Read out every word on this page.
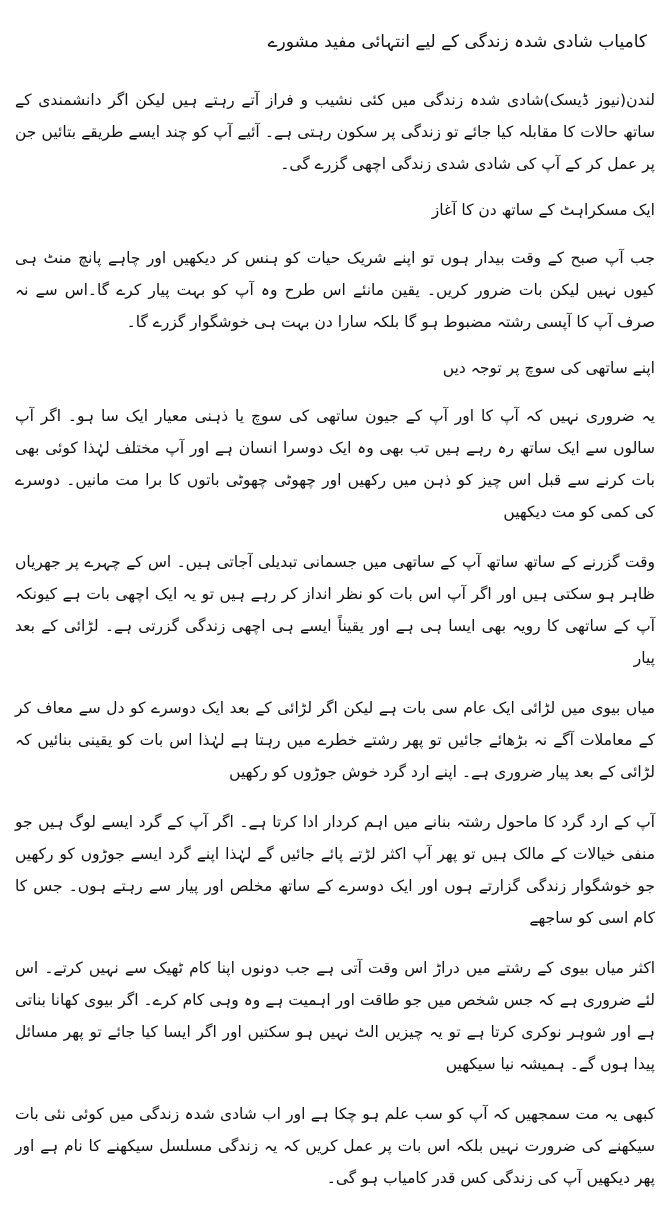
کامیاب شادی شدہ زندگی کے لیے انتہائی مفید مشورے

لندن(نیوز ڈیسک)شادی شدہ زندگی میں کئی نشیب و فراز آتے رہتے ہیں لیکن اگر دانشمندی کے ساتھ حالات کا مقابلہ کیا جائے تو زندگی پر سکون رہتی ہے۔ آئیے آپ کو چند ایسے طریقے بتائیں جن پر عمل کر کے آپ کی شادی شدی زندگی اچھی گزرے گی۔

ایک مسکراہٹ کے ساتھ دن کا آغاز

جب آپ صبح کے وقت بیدار ہوں تو اپنے شریک حیات کو ہنس کر دیکھیں اور چاہے پانچ منٹ ہی کیوں نہیں لیکن بات ضرور کریں۔ یقین مانئے اس طرح وہ آپ کو بہت پیار کرے گا۔اس سے نہ صرف آپ کا آپسی رشتہ مضبوط ہو گا بلکہ سارا دن بہت ہی خوشگوار گزرے گا۔

اپنے ساتھی کی سوچ پر توجہ دیں

یہ ضروری نہیں کہ آپ کا اور آپ کے جیون ساتھی کی سوچ یا ذہنی معیار ایک سا ہو۔ اگر آپ سالوں سے ایک ساتھ رہ رہے ہیں تب بھی وہ ایک دوسرا انسان ہے اور آپ مختلف لہٰذا کوئی بھی بات کرنے سے قبل اس چیز کو ذہن میں رکھیں اور چھوٹی چھوٹی باتوں کا برا مت مانیں۔ دوسرے کی کمی کو مت دیکھیں

وقت گزرنے کے ساتھ ساتھ آپ کے ساتھی میں جسمانی تبدیلی آجاتی ہیں۔ اس کے چہرے پر جھریاں ظاہر ہو سکتی ہیں اور اگر آپ اس بات کو نظر انداز کر رہے ہیں تو یہ ایک اچھی بات ہے کیونکہ آپ کے ساتھی کا رویہ بھی ایسا ہی ہے اور یقیناً ایسے ہی اچھی زندگی گزرتی ہے۔ لڑائی کے بعد پیار

میاں بیوی میں لڑائی ایک عام سی بات ہے لیکن اگر لڑائی کے بعد ایک دوسرے کو دل سے معاف کر کے معاملات آگے نہ بڑھائے جائیں تو پھر رشتے خطرے میں رہتا ہے لہٰذا اس بات کو یقینی بنائیں کہ لڑائی کے بعد پیار ضروری ہے۔ اپنے ارد گرد خوش جوڑوں کو رکھیں

آپ کے ارد گرد کا ماحول رشتہ بنانے میں اہم کردار ادا کرتا ہے۔ اگر آپ کے گرد ایسے لوگ ہیں جو منفی خیالات کے مالک ہیں تو پھر آپ اکثر لڑتے پائے جائیں گے لہٰذا اپنے گرد ایسے جوڑوں کو رکھیں جو خوشگوار زندگی گزارتے ہوں اور ایک دوسرے کے ساتھ مخلص اور پیار سے رہتے ہوں۔ جس کا کام اسی کو ساجھے

اکثر میاں بیوی کے رشتے میں دراڑ اس وقت آتی ہے جب دونوں اپنا کام ٹھیک سے نہیں کرتے۔ اس لئے ضروری ہے کہ جس شخص میں جو طاقت اور اہمیت ہے وہ وہی کام کرے۔ اگر بیوی کھانا بناتی ہے اور شوہر نوکری کرتا ہے تو یہ چیزیں الٹ نہیں ہو سکتیں اور اگر ایسا کیا جائے تو پھر مسائل پیدا ہوں گے۔ ہمیشہ نیا سیکھیں

کبھی یہ مت سمجھیں کہ آپ کو سب علم ہو چکا ہے اور اب شادی شدہ زندگی میں کوئی نئی بات سیکھنے کی ضرورت نہیں بلکہ اس بات پر عمل کریں کہ یہ زندگی مسلسل سیکھنے کا نام ہے اور پھر دیکھیں آپ کی زندگی کس قدر کامیاب ہو گی۔
